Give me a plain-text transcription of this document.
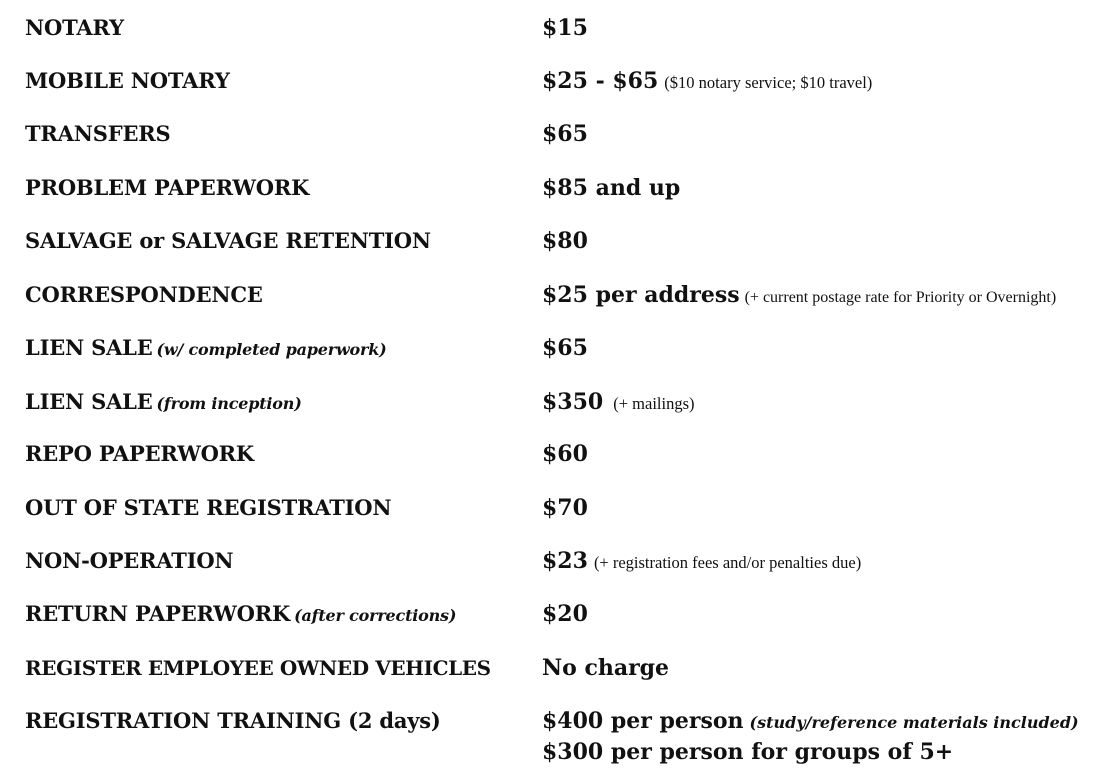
NOTARY	$15
MOBILE NOTARY	$25 - $65 ($10 notary service; $10 travel)
TRANSFERS	$65
PROBLEM PAPERWORK	$85 and up
SALVAGE or SALVAGE RETENTION	$80
CORRESPONDENCE	$25 per address (+ current postage rate for Priority or Overnight)
LIEN SALE (w/ completed paperwork)	$65
LIEN SALE (from inception)	$350 (+ mailings)
REPO PAPERWORK	$60
OUT OF STATE REGISTRATION	$70
NON-OPERATION	$23 (+ registration fees and/or penalties due)
RETURN PAPERWORK (after corrections)	$20
REGISTER EMPLOYEE OWNED VEHICLES No charge
REGISTRATION TRAINING (2 days)	$400 per person (study/reference materials included)
$300 per person for groups of 5+
